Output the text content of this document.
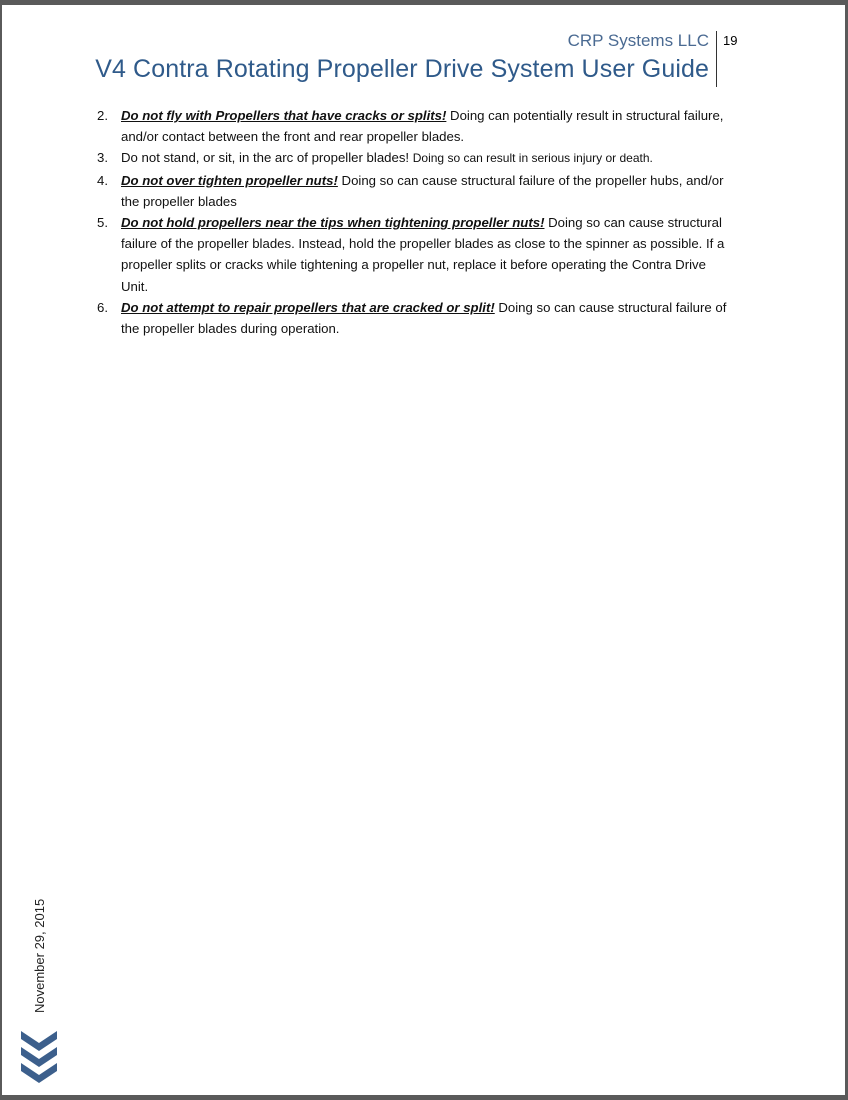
CRP Systems LLC
V4 Contra Rotating Propeller Drive System User Guide
19
2. Do not fly with Propellers that have cracks or splits! Doing can potentially result in structural failure, and/or contact between the front and rear propeller blades.
3. Do not stand, or sit, in the arc of propeller blades! Doing so can result in serious injury or death.
4. Do not over tighten propeller nuts! Doing so can cause structural failure of the propeller hubs, and/or the propeller blades
5. Do not hold propellers near the tips when tightening propeller nuts! Doing so can cause structural failure of the propeller blades. Instead, hold the propeller blades as close to the spinner as possible. If a propeller splits or cracks while tightening a propeller nut, replace it before operating the Contra Drive Unit.
6. Do not attempt to repair propellers that are cracked or split! Doing so can cause structural failure of the propeller blades during operation.
November 29, 2015
